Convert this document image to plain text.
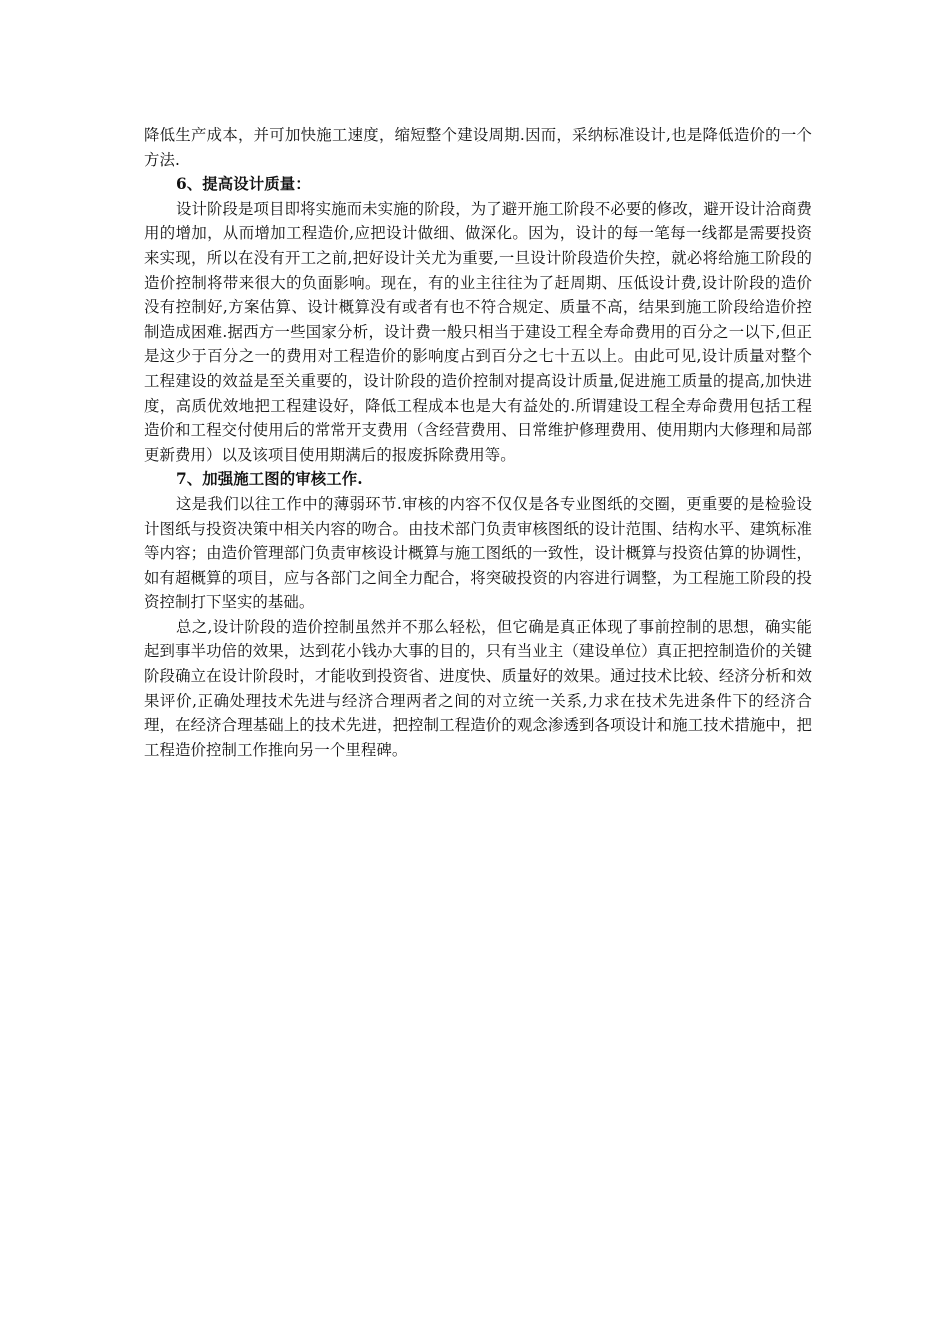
降低生产成本，并可加快施工速度，缩短整个建设周期.因而，采纳标准设计,也是降低造价的一个方法.

6、提高设计质量：

设计阶段是项目即将实施而未实施的阶段，为了避开施工阶段不必要的修改，避开设计洽商费用的增加，从而增加工程造价,应把设计做细、做深化。因为，设计的每一笔每一线都是需要投资来实现，所以在没有开工之前,把好设计关尤为重要,一旦设计阶段造价失控，就必将给施工阶段的造价控制将带来很大的负面影响。现在，有的业主往往为了赶周期、压低设计费,设计阶段的造价没有控制好,方案估算、设计概算没有或者有也不符合规定、质量不高，结果到施工阶段给造价控制造成困难.据西方一些国家分析，设计费一般只相当于建设工程全寿命费用的百分之一以下,但正是这少于百分之一的费用对工程造价的影响度占到百分之七十五以上。由此可见,设计质量对整个工程建设的效益是至关重要的，设计阶段的造价控制对提高设计质量,促进施工质量的提高,加快进度，高质优效地把工程建设好，降低工程成本也是大有益处的.所谓建设工程全寿命费用包括工程造价和工程交付使用后的常常开支费用（含经营费用、日常维护修理费用、使用期内大修理和局部更新费用）以及该项目使用期满后的报废拆除费用等。

7、加强施工图的审核工作.

这是我们以往工作中的薄弱环节.审核的内容不仅仅是各专业图纸的交圈，更重要的是检验设计图纸与投资决策中相关内容的吻合。由技术部门负责审核图纸的设计范围、结构水平、建筑标准等内容；由造价管理部门负责审核设计概算与施工图纸的一致性，设计概算与投资估算的协调性，如有超概算的项目，应与各部门之间全力配合，将突破投资的内容进行调整，为工程施工阶段的投资控制打下坚实的基础。

总之,设计阶段的造价控制虽然并不那么轻松，但它确是真正体现了事前控制的思想，确实能起到事半功倍的效果，达到花小钱办大事的目的，只有当业主（建设单位）真正把控制造价的关键阶段确立在设计阶段时，才能收到投资省、进度快、质量好的效果。通过技术比较、经济分析和效果评价,正确处理技术先进与经济合理两者之间的对立统一关系,力求在技术先进条件下的经济合理，在经济合理基础上的技术先进，把控制工程造价的观念渗透到各项设计和施工技术措施中，把工程造价控制工作推向另一个里程碑。
